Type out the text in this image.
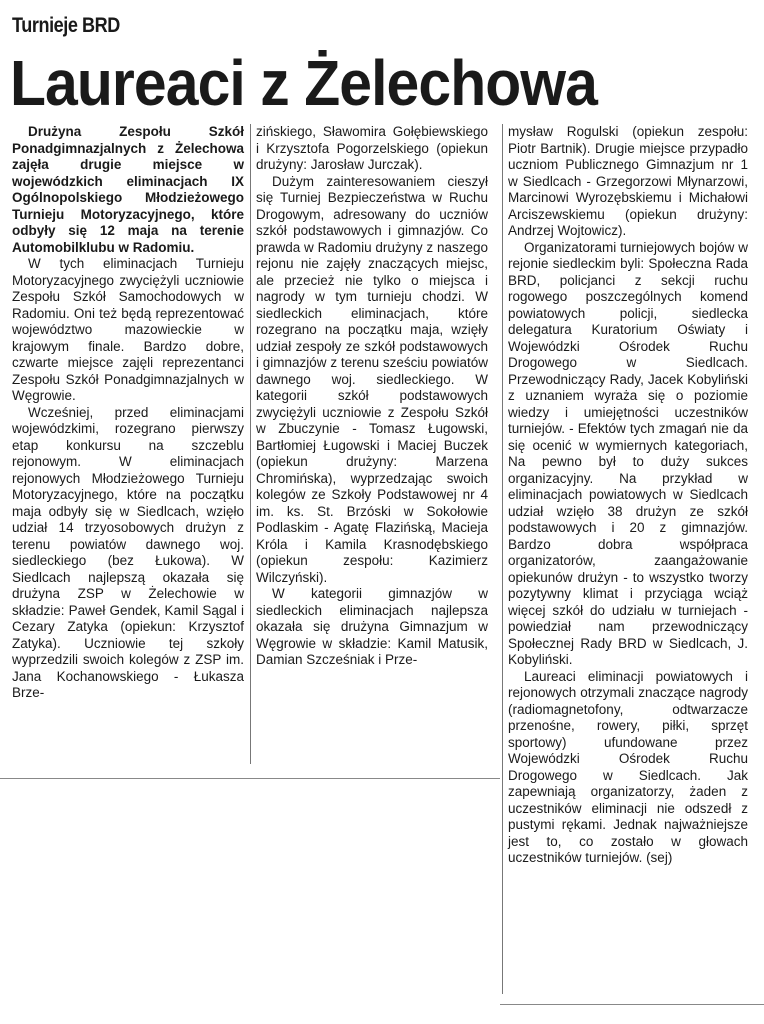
Turnieje BRD
Laureaci z Żelechowa

Drużyna Zespołu Szkół Ponadgimnazjalnych z Żelechowa zajęła drugie miejsce w wojewódzkich eliminacjach IX Ogólnopolskiego Młodzieżowego Turnieju Motoryzacyjnego, które odbyły się 12 maja na terenie Automobilklubu w Radomiu.

W tych eliminacjach Turnieju Motoryzacyjnego zwyciężyli uczniowie Zespołu Szkół Samochodowych w Radomiu. Oni też będą reprezentować województwo mazowieckie w krajowym finale. Bardzo dobre, czwarte miejsce zajęli reprezentanci Zespołu Szkół Ponadgimnazjalnych w Węgrowie.

Wcześniej, przed eliminacjami wojewódzkimi, rozegrano pierwszy etap konkursu na szczeblu rejonowym. W eliminacjach rejonowych Młodzieżowego Turnieju Motoryzacyjnego, które na początku maja odbyły się w Siedlcach, wzięło udział 14 trzyosobowych drużyn z terenu powiatów dawnego woj. siedleckiego (bez Łukowa). W Siedlcach najlepszą okazała się drużyna ZSP w Żelechowie w składzie: Paweł Gendek, Kamil Sągal i Cezary Zatyka (opiekun: Krzysztof Zatyka). Uczniowie tej szkoły wyprzedzili swoich kolegów z ZSP im. Jana Kochanowskiego - Łukasza Brze-

zińskiego, Sławomira Gołębiewskiego i Krzysztofa Pogorzelskiego (opiekun drużyny: Jarosław Jurczak).

Dużym zainteresowaniem cieszył się Turniej Bezpieczeństwa w Ruchu Drogowym, adresowany do uczniów szkół podstawowych i gimnazjów. Co prawda w Radomiu drużyny z naszego rejonu nie zajęły znaczących miejsc, ale przecież nie tylko o miejsca i nagrody w tym turnieju chodzi. W siedleckich eliminacjach, które rozegrano na początku maja, wzięły udział zespoły ze szkół podstawowych i gimnazjów z terenu sześciu powiatów dawnego woj. siedleckiego. W kategorii szkół podstawowych zwyciężyli uczniowie z Zespołu Szkół w Zbuczynie - Tomasz Ługowski, Bartłomiej Ługowski i Maciej Buczek (opiekun drużyny: Marzena Chromińska), wyprzedzając swoich kolegów ze Szkoły Podstawowej nr 4 im. ks. St. Brzóski w Sokołowie Podlaskim - Agatę Flazińską, Macieja Króla i Kamila Krasnodębskiego (opiekun zespołu: Kazimierz Wilczyński).

W kategorii gimnazjów w siedleckich eliminacjach najlepsza okazała się drużyna Gimnazjum w Węgrowie w składzie: Kamil Matusik, Damian Szcześniak i Prze-

mysław Rogulski (opiekun zespołu: Piotr Bartnik). Drugie miejsce przypadło uczniom Publicznego Gimnazjum nr 1 w Siedlcach - Grzegorzowi Młynarzowi, Marcinowi Wyrozębskiemu i Michałowi Arciszewskiemu (opiekun drużyny: Andrzej Wojtowicz).

Organizatorami turniejowych bojów w rejonie siedleckim byli: Społeczna Rada BRD, policjanci z sekcji ruchu rogowego poszczególnych komend powiatowych policji, siedlecka delegatura Kuratorium Oświaty i Wojewódzki Ośrodek Ruchu Drogowego w Siedlcach. Przewodniczący Rady, Jacek Kobyliński z uznaniem wyraża się o poziomie wiedzy i umiejętności uczestników turniejów. - Efektów tych zmagań nie da się ocenić w wymiernych kategoriach, Na pewno był to duży sukces organizacyjny. Na przykład w eliminacjach powiatowych w Siedlcach udział wzięło 38 drużyn ze szkół podstawowych i 20 z gimnazjów. Bardzo dobra współpraca organizatorów, zaangażowanie opiekunów drużyn - to wszystko tworzy pozytywny klimat i przyciąga wciąż więcej szkół do udziału w turniejach - powiedział nam przewodniczący Społecznej Rady BRD w Siedlcach, J. Kobyliński.

Laureaci eliminacji powiatowych i rejonowych otrzymali znaczące nagrody (radiomagnetofony, odtwarzacze przenośne, rowery, piłki, sprzęt sportowy) ufundowane przez Wojewódzki Ośrodek Ruchu Drogowego w Siedlcach. Jak zapewniają organizatorzy, żaden z uczestników eliminacji nie odszedł z pustymi rękami. Jednak najważniejsze jest to, co zostało w głowach uczestników turniejów. (sej)
